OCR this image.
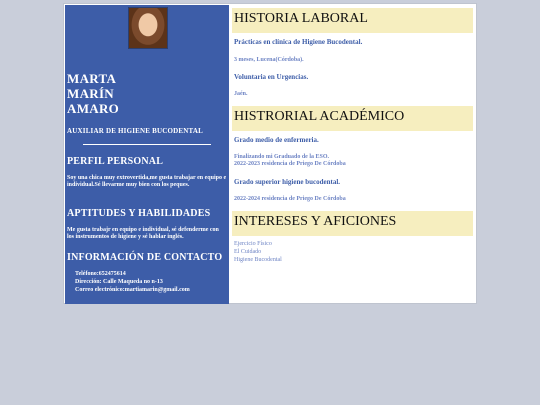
MARTA
MARÍN
AMARO
AUXILIAR DE HIGIENE BUCODENTAL
PERFIL PERSONAL
Soy una chica muy extrovertida,me gusta trabajar en equipo e individual.Sé llevarme muy bien con los peques.
APTITUDES Y HABILIDADES
Me gusta trabajr en equipo e individual, sé defenderme con los instrumentos de higiene y sé hablar inglés.
INFORMACIÓN DE CONTACTO
Teléfono:652475614
Dirección: Calle Maqueda no n-13
Correo electrónico:martiamarin@gmail.com
HISTORIA LABORAL
Prácticas en clínica de Higiene Bucodental.
3 meses, Lucena(Córdoba).
Voluntaria en Urgencias.
Jaén.
HISTRORIAL ACADÉMICO
Grado medio de enfermeria.
Finalizando mi Graduado de la ESO.
2022-2023 residencia de Priego De Córdoba
Grado superior higiene bucodental.
2022-2024 residencia de Priego De Córdoba
INTERESES Y AFICIONES
Ejercicio Físico
El Cuidado
Higiene Bucodental
